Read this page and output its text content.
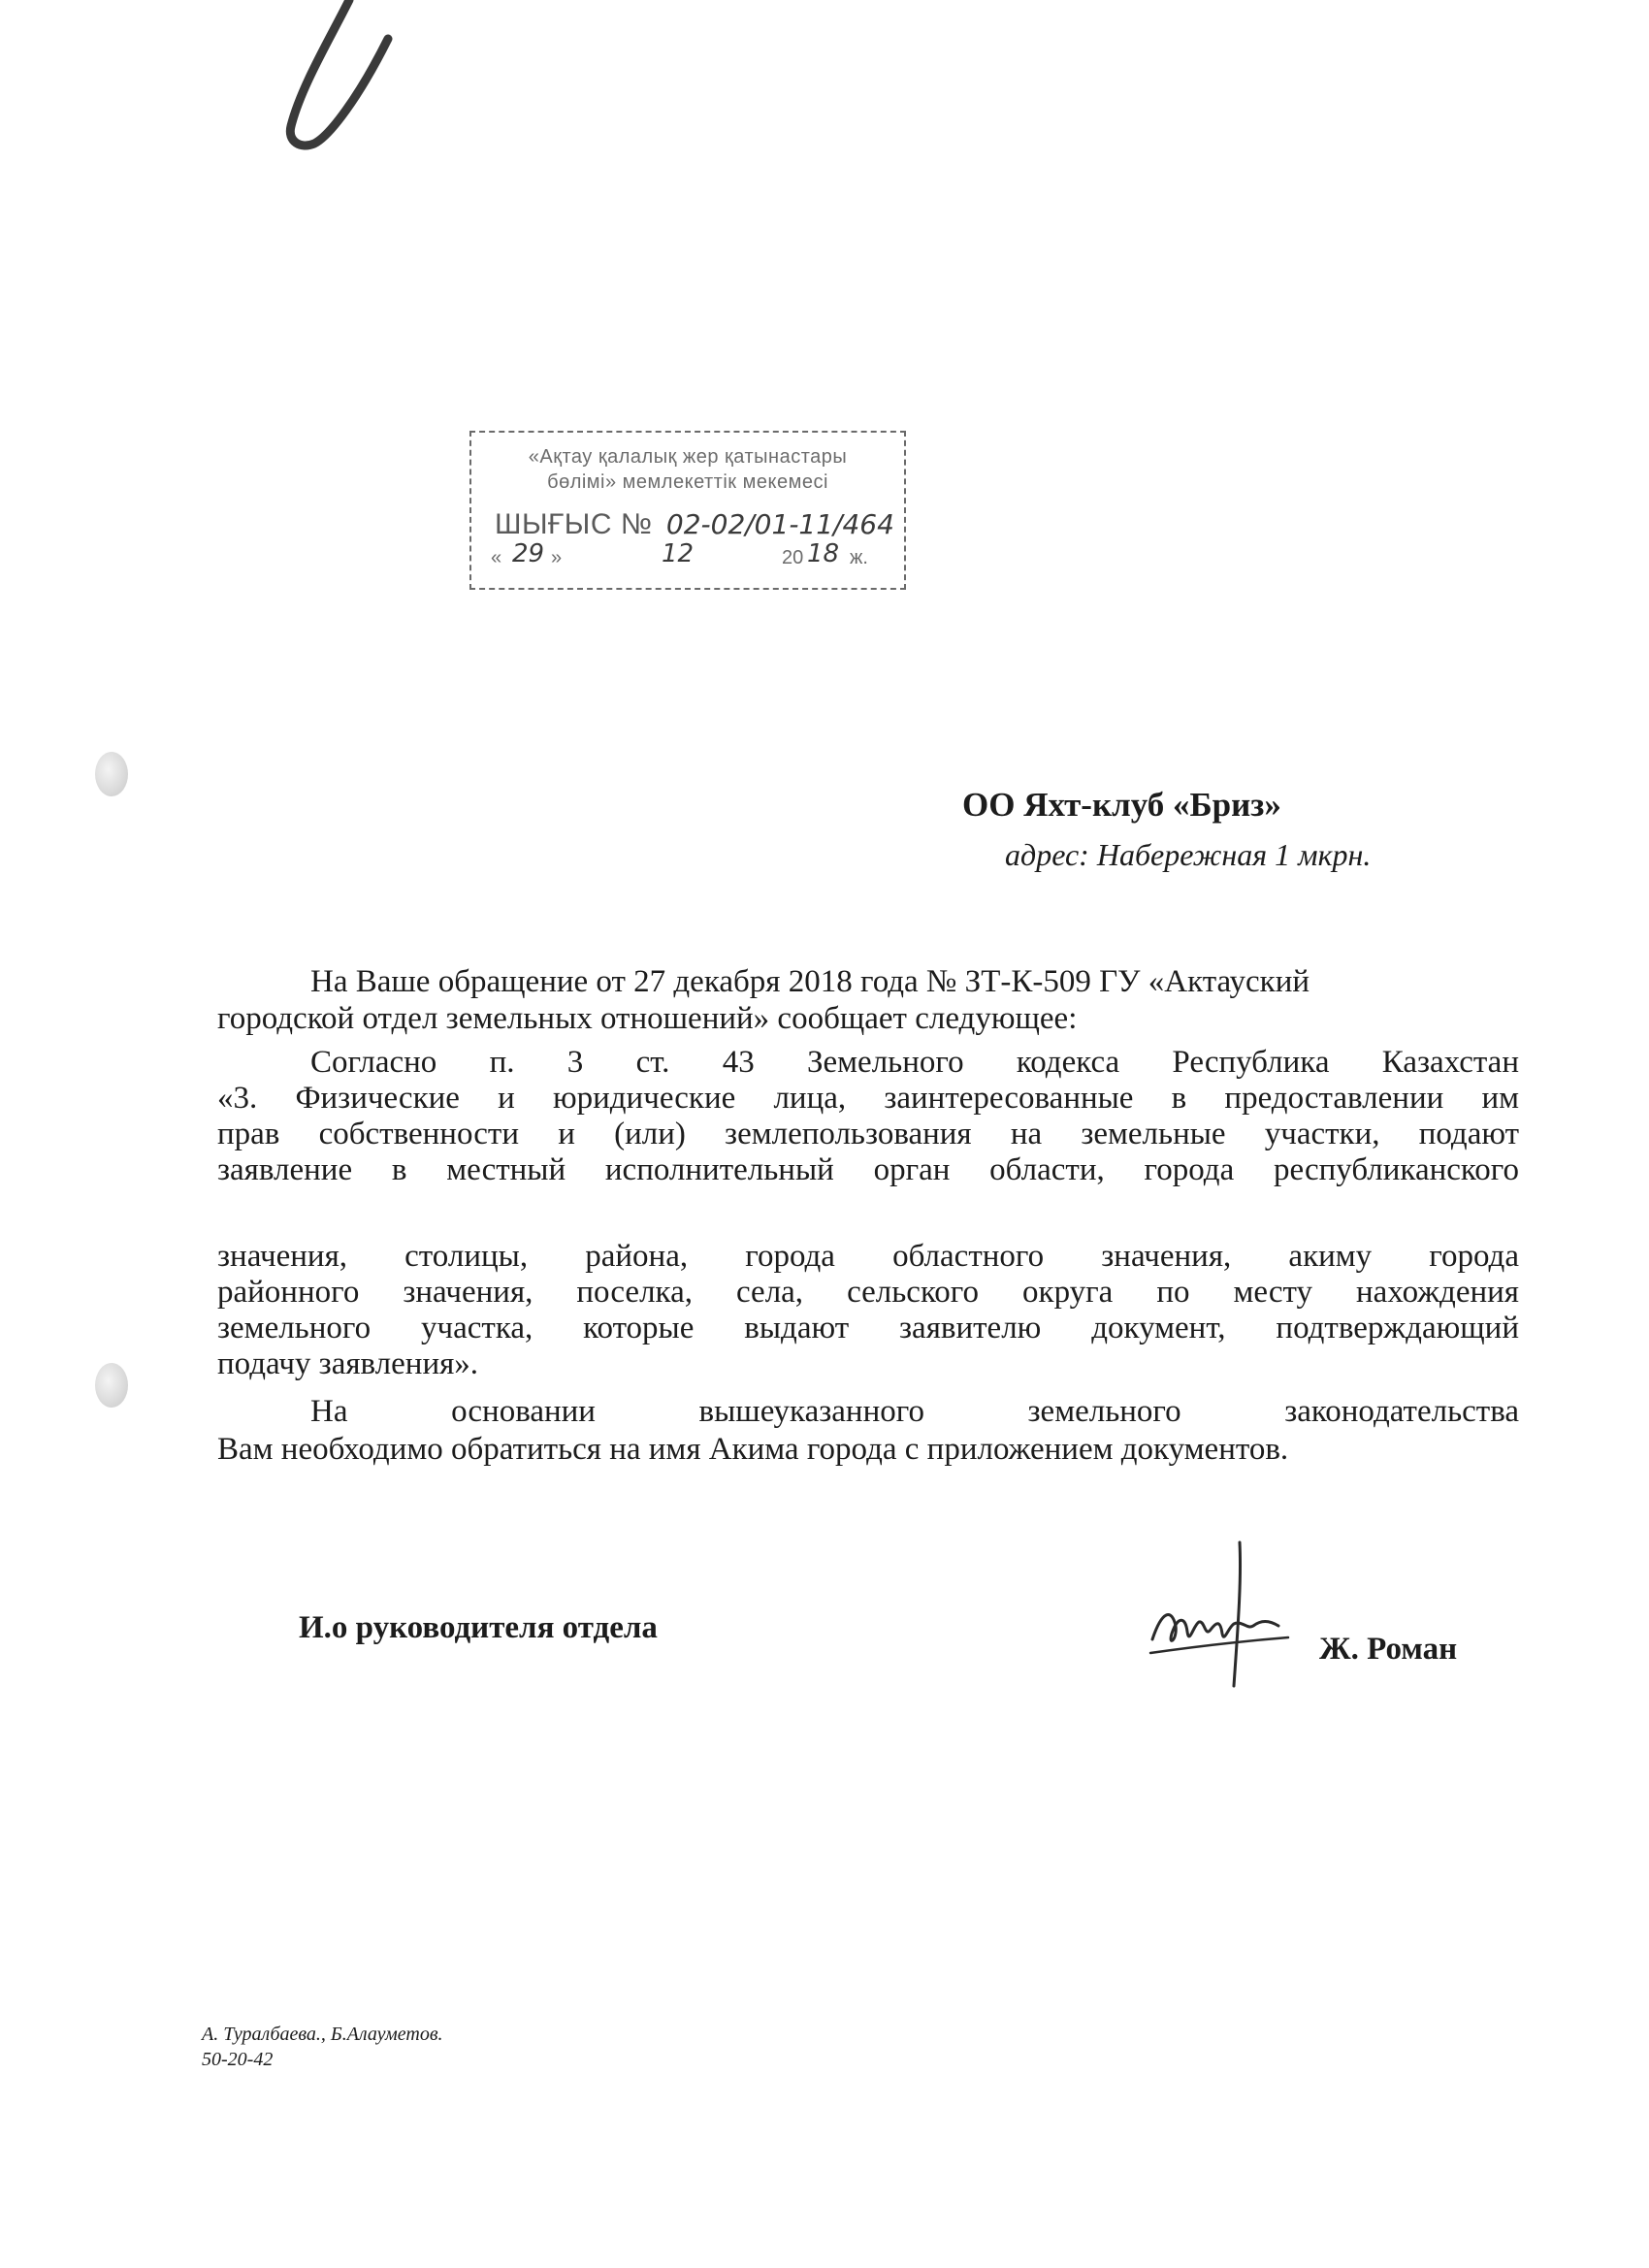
«Ақтау қалалық жер қатынастары
бөлімі» мемлекеттік мекемесі
ШЫҒЫС № 02-02/01-11/464
« 29 »	12	20 18 ж.
ОО Яхт-клуб «Бриз»
адрес: Набережная 1 мкрн.
На Ваше обращение от 27 декабря 2018 года № ЗТ-К-509 ГУ «Актауский
городской отдел земельных отношений» сообщает следующее:
Согласно п. 3 ст. 43 Земельного кодекса Республика Казахстан
«3. Физические и юридические лица, заинтересованные в предоставлении им
прав собственности и (или) землепользования на земельные участки, подают
заявление в местный исполнительный орган области, города республиканского
значения, столицы, района, города областного значения, акиму города
районного значения, поселка, села, сельского округа по месту нахождения
земельного участка, которые выдают заявителю документ, подтверждающий
подачу заявления».
На основании вышеуказанного земельного законодательства
Вам необходимо обратиться на имя Акима города с приложением документов.
И.о руководителя отдела
Ж. Роман
А. Туралбаева., Б.Алауметов.
50-20-42
